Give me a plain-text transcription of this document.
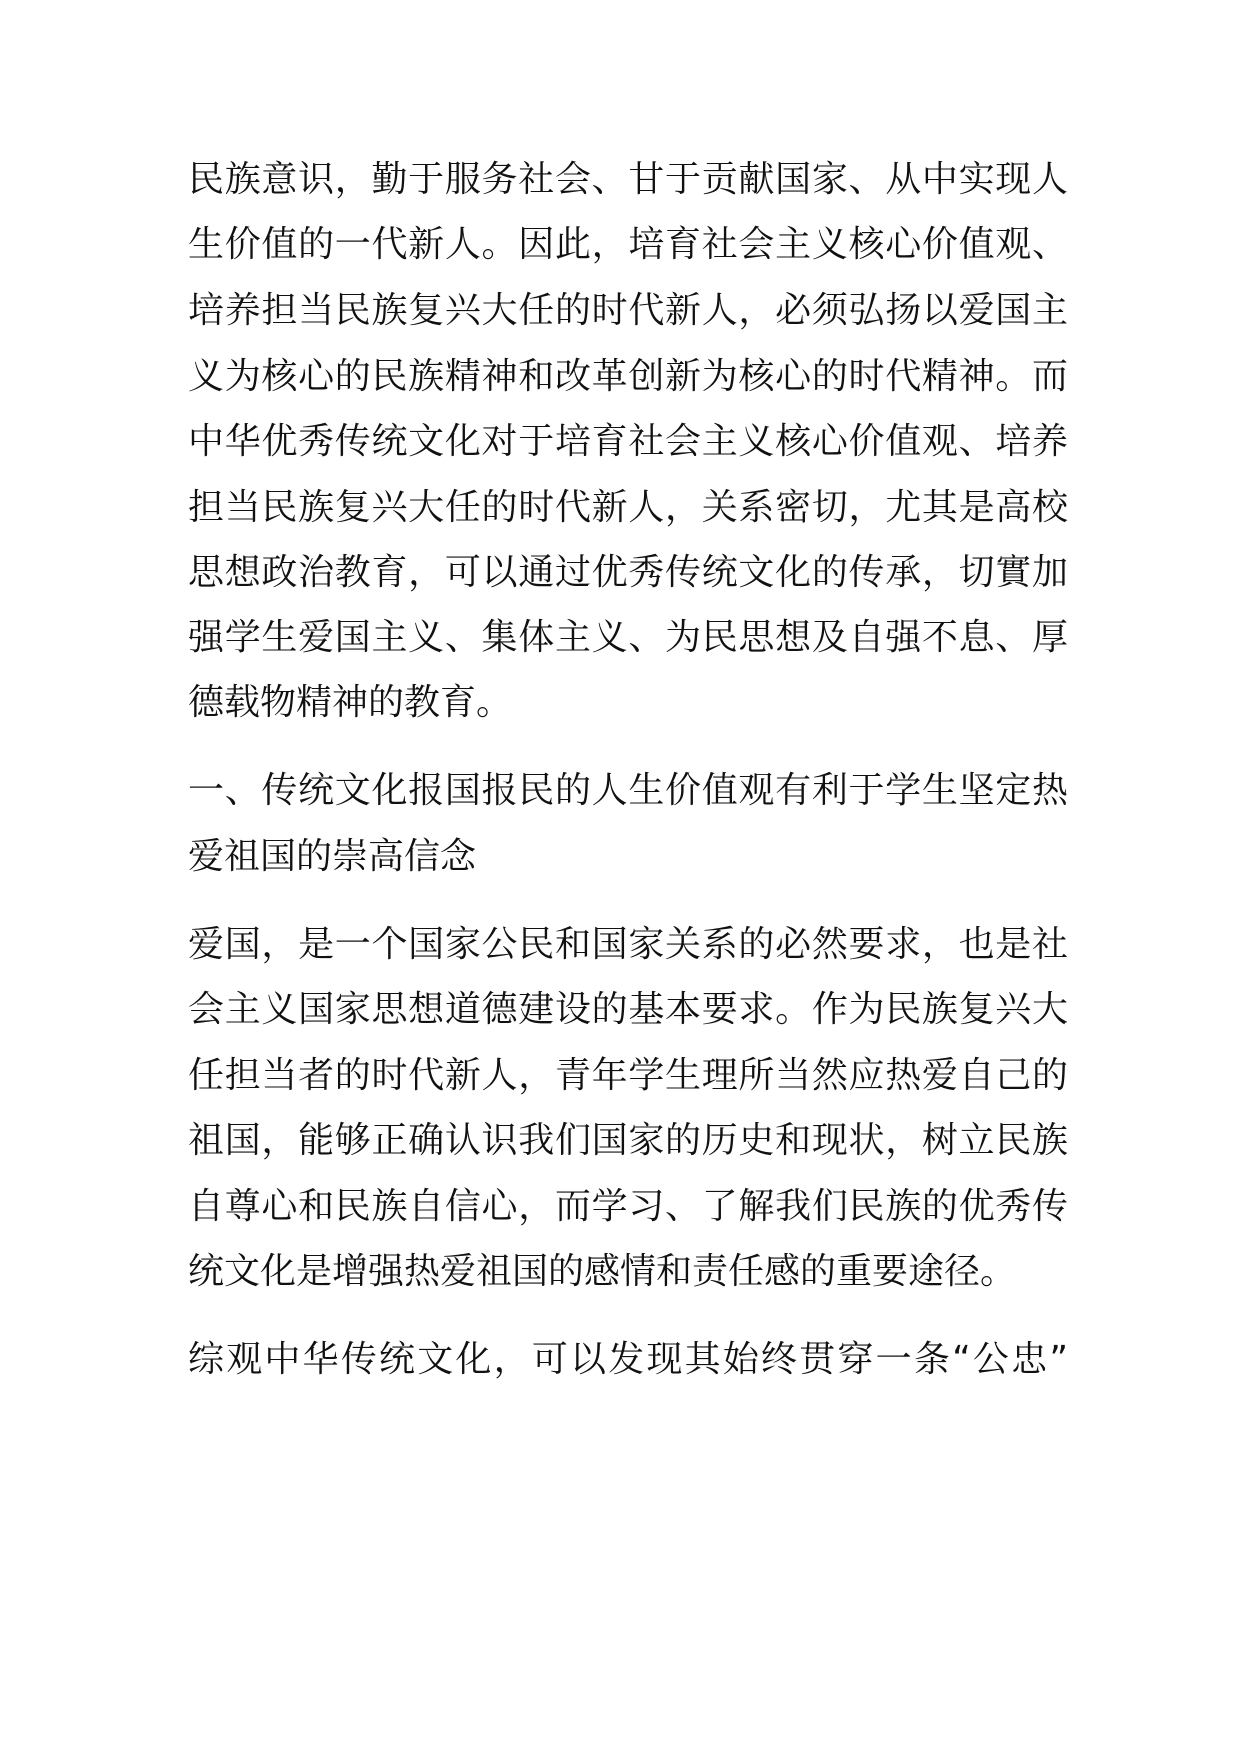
民族意识，勤于服务社会、甘于贡献国家、从中实现人
生价值的一代新人。因此，培育社会主义核心价值观、
培养担当民族复兴大任的时代新人，必须弘扬以爱国主
义为核心的民族精神和改革创新为核心的时代精神。而
中华优秀传统文化对于培育社会主义核心价值观、培养
担当民族复兴大任的时代新人，关系密切，尤其是高校
思想政治教育，可以通过优秀传统文化的传承，切實加
强学生爱国主义、集体主义、为民思想及自强不息、厚
德载物精神的教育。
一、传统文化报国报民的人生价值观有利于学生坚定热
爱祖国的崇高信念
爱国，是一个国家公民和国家关系的必然要求，也是社
会主义国家思想道德建设的基本要求。作为民族复兴大
任担当者的时代新人，青年学生理所当然应热爱自己的
祖国，能够正确认识我们国家的历史和现状，树立民族
自尊心和民族自信心，而学习、了解我们民族的优秀传
统文化是增强热爱祖国的感情和责任感的重要途径。
综观中华传统文化，可以发现其始终贯穿一条“公忠”
